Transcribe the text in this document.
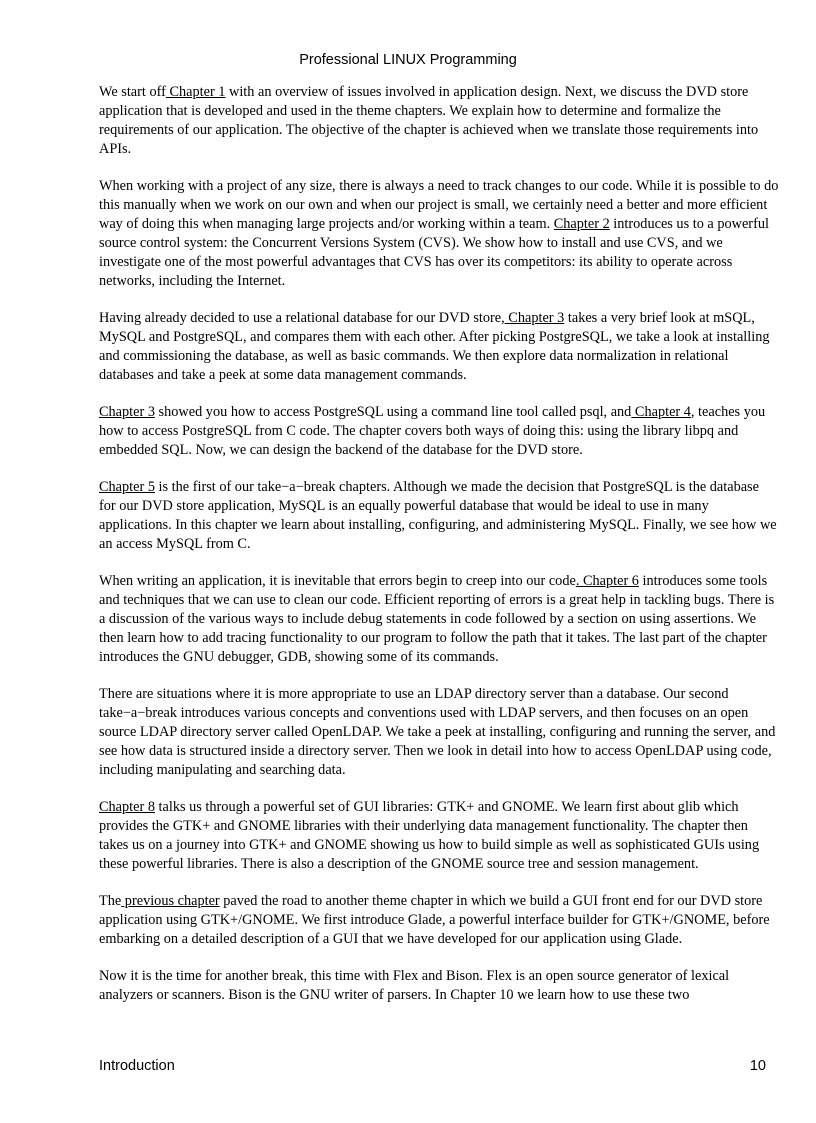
Professional LINUX Programming

We start off Chapter 1 with an overview of issues involved in application design. Next, we discuss the DVD store application that is developed and used in the theme chapters. We explain how to determine and formalize the requirements of our application. The objective of the chapter is achieved when we translate those requirements into APIs.

When working with a project of any size, there is always a need to track changes to our code. While it is possible to do this manually when we work on our own and when our project is small, we certainly need a better and more efficient way of doing this when managing large projects and/or working within a team. Chapter 2 introduces us to a powerful source control system: the Concurrent Versions System (CVS). We show how to install and use CVS, and we investigate one of the most powerful advantages that CVS has over its competitors: its ability to operate across networks, including the Internet.

Having already decided to use a relational database for our DVD store, Chapter 3 takes a very brief look at mSQL, MySQL and PostgreSQL, and compares them with each other. After picking PostgreSQL, we take a look at installing and commissioning the database, as well as basic commands. We then explore data normalization in relational databases and take a peek at some data management commands.

Chapter 3 showed you how to access PostgreSQL using a command line tool called psql, and Chapter 4, teaches you how to access PostgreSQL from C code. The chapter covers both ways of doing this: using the library libpq and embedded SQL. Now, we can design the backend of the database for the DVD store.

Chapter 5 is the first of our take−a−break chapters. Although we made the decision that PostgreSQL is the database for our DVD store application, MySQL is an equally powerful database that would be ideal to use in many applications. In this chapter we learn about installing, configuring, and administering MySQL. Finally, we see how we an access MySQL from C.

When writing an application, it is inevitable that errors begin to creep into our code. Chapter 6 introduces some tools and techniques that we can use to clean our code. Efficient reporting of errors is a great help in tackling bugs. There is a discussion of the various ways to include debug statements in code followed by a section on using assertions. We then learn how to add tracing functionality to our program to follow the path that it takes. The last part of the chapter introduces the GNU debugger, GDB, showing some of its commands.

There are situations where it is more appropriate to use an LDAP directory server than a database. Our second take−a−break introduces various concepts and conventions used with LDAP servers, and then focuses on an open source LDAP directory server called OpenLDAP. We take a peek at installing, configuring and running the server, and see how data is structured inside a directory server. Then we look in detail into how to access OpenLDAP using code, including manipulating and searching data.

Chapter 8 talks us through a powerful set of GUI libraries: GTK+ and GNOME. We learn first about glib which provides the GTK+ and GNOME libraries with their underlying data management functionality. The chapter then takes us on a journey into GTK+ and GNOME showing us how to build simple as well as sophisticated GUIs using these powerful libraries. There is also a description of the GNOME source tree and session management.

The previous chapter paved the road to another theme chapter in which we build a GUI front end for our DVD store application using GTK+/GNOME. We first introduce Glade, a powerful interface builder for GTK+/GNOME, before embarking on a detailed description of a GUI that we have developed for our application using Glade.

Now it is the time for another break, this time with Flex and Bison. Flex is an open source generator of lexical analyzers or scanners. Bison is the GNU writer of parsers. In Chapter 10 we learn how to use these two

Introduction	10
